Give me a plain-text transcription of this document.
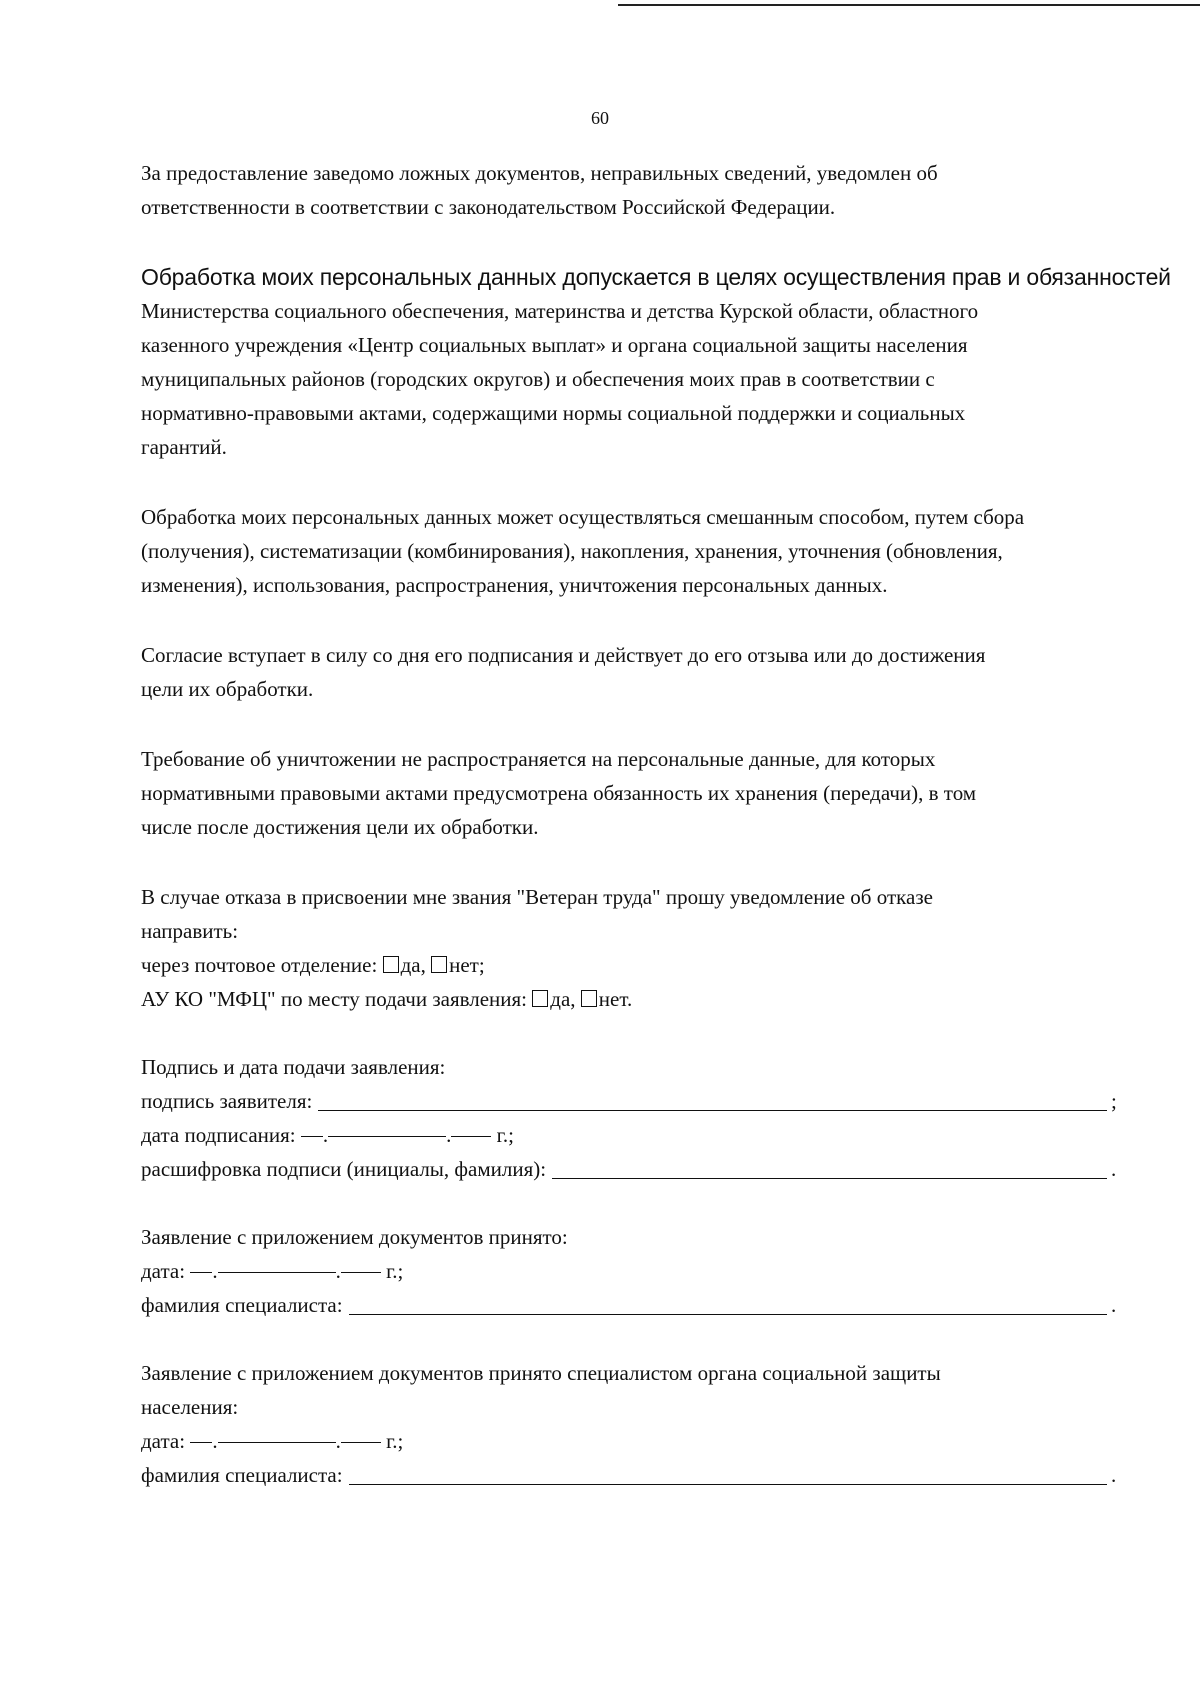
60
За предоставление заведомо ложных документов, неправильных сведений, уведомлен об
ответственности в соответствии с законодательством Российской Федерации.
Обработка моих персональных данных допускается в целях осуществления прав и обязанностей
Министерства социального обеспечения, материнства и детства Курской области, областного
казенного учреждения «Центр социальных выплат» и органа социальной защиты населения
муниципальных районов (городских округов) и обеспечения моих прав в соответствии с
нормативно-правовыми актами, содержащими нормы социальной поддержки и социальных
гарантий.
Обработка моих персональных данных может осуществляться смешанным способом, путем сбора
(получения), систематизации (комбинирования), накопления, хранения, уточнения (обновления,
изменения), использования, распространения, уничтожения персональных данных.
Согласие вступает в силу со дня его подписания и действует до его отзыва или до достижения
цели их обработки.
Требование об уничтожении не распространяется на персональные данные, для которых
нормативными правовыми актами предусмотрена обязанность их хранения (передачи), в том
числе после достижения цели их обработки.
В случае отказа в присвоении мне звания "Ветеран труда" прошу уведомление об отказе
направить:
через почтовое отделение: да, нет;
АУ КО "МФЦ" по месту подачи заявления: да, нет.
Подпись и дата подачи заявления:
подпись заявителя:	;
дата подписания: .	. г.;
расшифровка подписи (инициалы, фамилия):	.
Заявление с приложением документов принято:
дата: .	. г.;
фамилия специалиста:	.
Заявление с приложением документов принято специалистом органа социальной защиты
населения:
дата: .	. г.;
фамилия специалиста:	.
